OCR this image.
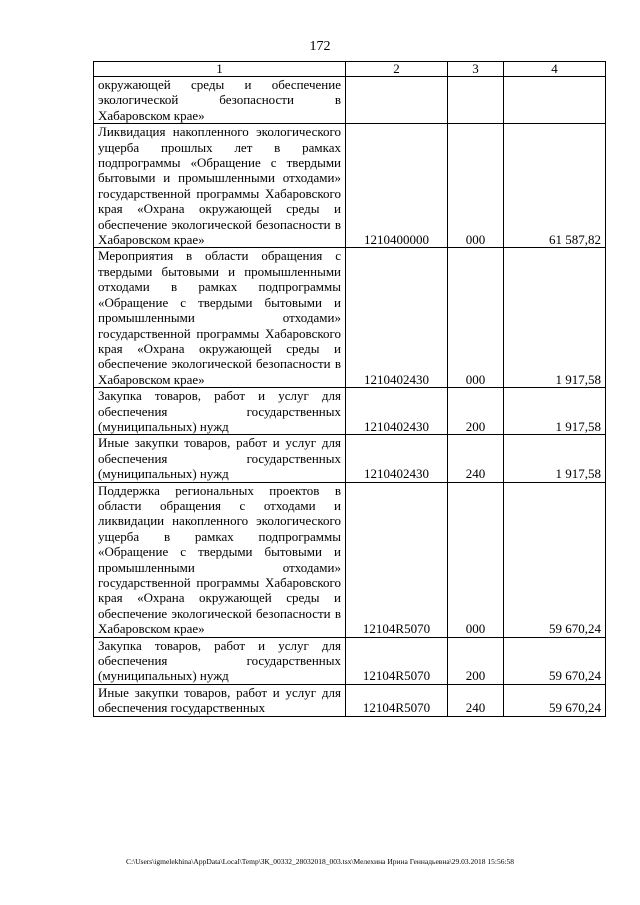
172
1	2	3	4
окружающей среды и обеспечение экологической безопасности в Хабаровском крае»			
Ликвидация накопленного экологического ущерба прошлых лет в рамках подпрограммы «Обращение с твердыми бытовыми и промышленными отходами» государственной программы Хабаровского края «Охрана окружающей среды и обеспечение экологической безопасности в Хабаровском крае»	1210400000	000	61 587,82
Мероприятия в области обращения с твердыми бытовыми и промышленными отходами в рамках подпрограммы «Обращение с твердыми бытовыми и промышленными отходами» государственной программы Хабаровского края «Охрана окружающей среды и обеспечение экологической безопасности в Хабаровском крае»	1210402430	000	1 917,58
Закупка товаров, работ и услуг для обеспечения государственных (муниципальных) нужд	1210402430	200	1 917,58
Иные закупки товаров, работ и услуг для обеспечения государственных (муниципальных) нужд	1210402430	240	1 917,58
Поддержка региональных проектов в области обращения с отходами и ликвидации накопленного экологического ущерба в рамках подпрограммы «Обращение с твердыми бытовыми и промышленными отходами» государственной программы Хабаровского края «Охрана окружающей среды и обеспечение экологической безопасности в Хабаровском крае»	12104R5070	000	59 670,24
Закупка товаров, работ и услуг для обеспечения государственных (муниципальных) нужд	12104R5070	200	59 670,24
Иные закупки товаров, работ и услуг для обеспечения государственных	12104R5070	240	59 670,24
C:\Users\igmelekhina\AppData\Local\Temp\ЗК_00332_28032018_003.tsx\Мелехина Ирина Геннадьевна\29.03.2018 15:56:58
